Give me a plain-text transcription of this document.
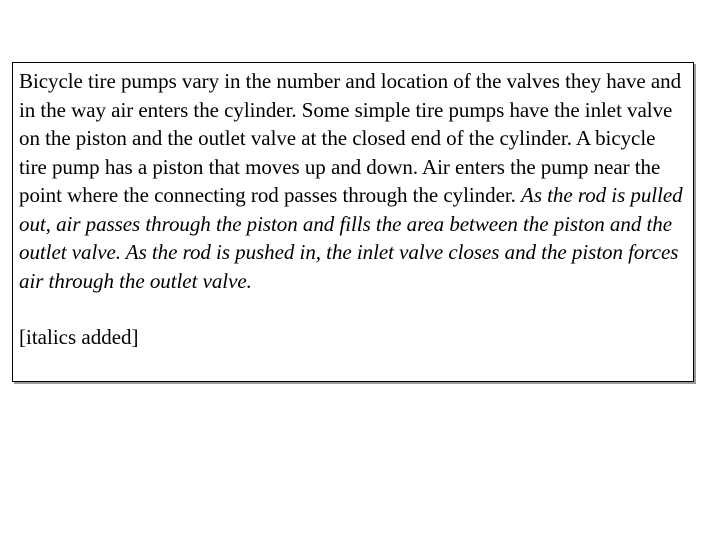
Bicycle tire pumps vary in the number and location of the valves they have and in the way air enters the cylinder. Some simple tire pumps have the inlet valve on the piston and the outlet valve at the closed end of the cylinder. A bicycle tire pump has a piston that moves up and down. Air enters the pump near the point where the connecting rod passes through the cylinder. As the rod is pulled out, air passes through the piston and fills the area between the piston and the outlet valve. As the rod is pushed in, the inlet valve closes and the piston forces air through the outlet valve.

[italics added]
